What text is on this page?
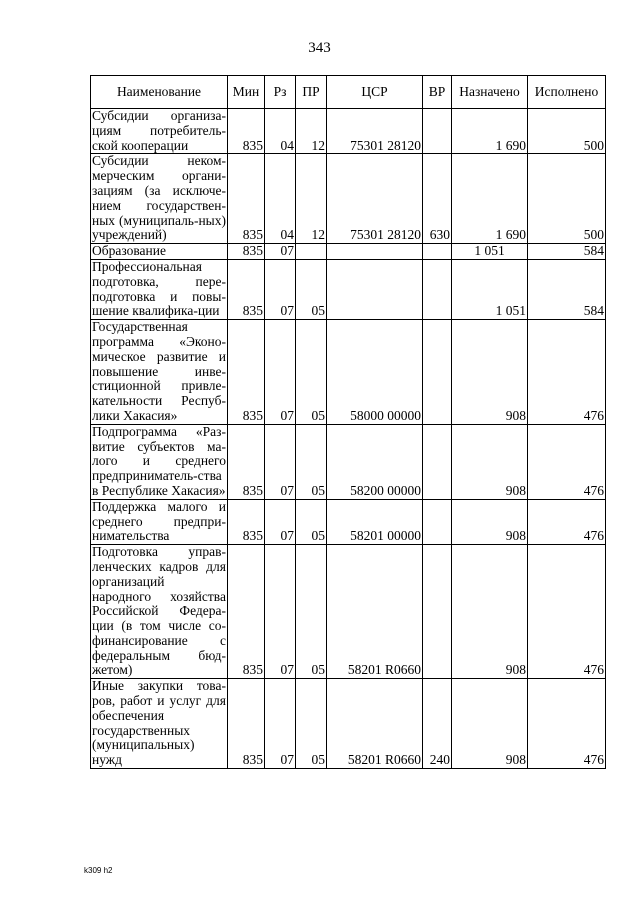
343
Наименование	Мин	Рз	ПР	ЦСР	ВР	Назначено	Исполнено
Субсидии организа-циям потребитель-ской кооперации	835	04	12	75301 28120		1 690	500
Субсидии неком-мерческим органи-зациям (за исключе-нием государствен-ных (муниципаль-ных) учреждений)	835	04	12	75301 28120	630	1 690	500
Образование	835	07				1 051	584
Профессиональная подготовка, пере-подготовка и повы-шение квалифика-ции	835	07	05			1 051	584
Государственная программа «Эконо-мическое развитие и повышение инве-стиционной привле-кательности Респуб-лики Хакасия»	835	07	05	58000 00000		908	476
Подпрограмма «Раз-витие субъектов ма-лого и среднего предприниматель-ства в Республике Хакасия»	835	07	05	58200 00000		908	476
Поддержка малого и среднего предпри-нимательства	835	07	05	58201 00000		908	476
Подготовка управ-ленческих кадров для организаций народного хозяйства Российской Федера-ции (в том числе со-финансирование с федеральным бюд-жетом)	835	07	05	58201 R0660		908	476
Иные закупки това-ров, работ и услуг для обеспечения государственных (муниципальных) нужд	835	07	05	58201 R0660	240	908	476
k309 h2
